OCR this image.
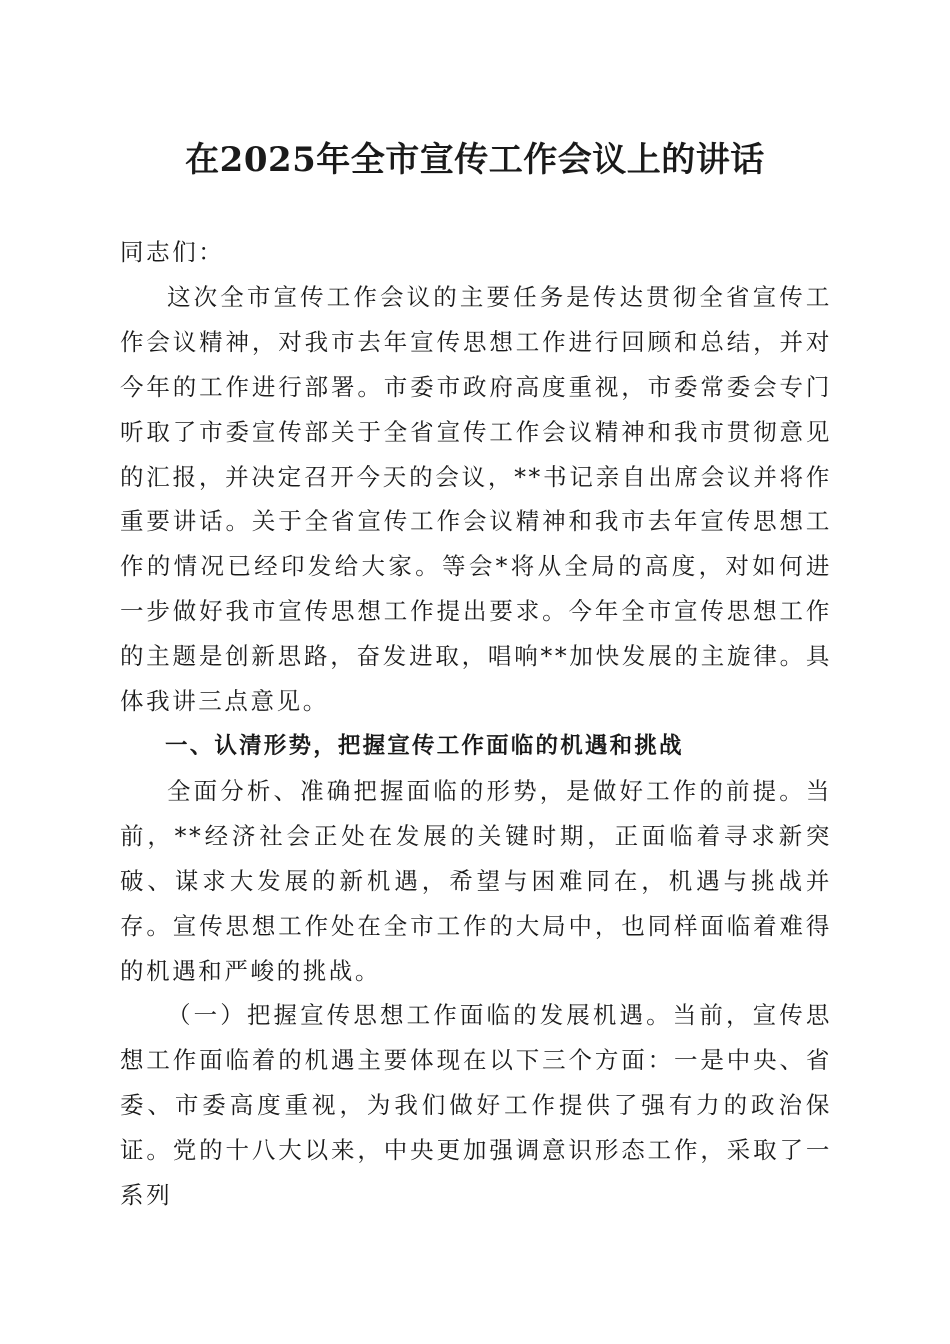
在2025年全市宣传工作会议上的讲话

同志们：

这次全市宣传工作会议的主要任务是传达贯彻全省宣传工作会议精神，对我市去年宣传思想工作进行回顾和总结，并对今年的工作进行部署。市委市政府高度重视，市委常委会专门听取了市委宣传部关于全省宣传工作会议精神和我市贯彻意见的汇报，并决定召开今天的会议，**书记亲自出席会议并将作重要讲话。关于全省宣传工作会议精神和我市去年宣传思想工作的情况已经印发给大家。等会*将从全局的高度，对如何进一步做好我市宣传思想工作提出要求。今年全市宣传思想工作的主题是创新思路，奋发进取，唱响**加快发展的主旋律。具体我讲三点意见。

一、认清形势，把握宣传工作面临的机遇和挑战

全面分析、准确把握面临的形势，是做好工作的前提。当前，**经济社会正处在发展的关键时期，正面临着寻求新突破、谋求大发展的新机遇，希望与困难同在，机遇与挑战并存。宣传思想工作处在全市工作的大局中，也同样面临着难得的机遇和严峻的挑战。

（一）把握宣传思想工作面临的发展机遇。当前，宣传思想工作面临着的机遇主要体现在以下三个方面：一是中央、省委、市委高度重视，为我们做好工作提供了强有力的政治保证。党的十八大以来，中央更加强调意识形态工作，采取了一系列
